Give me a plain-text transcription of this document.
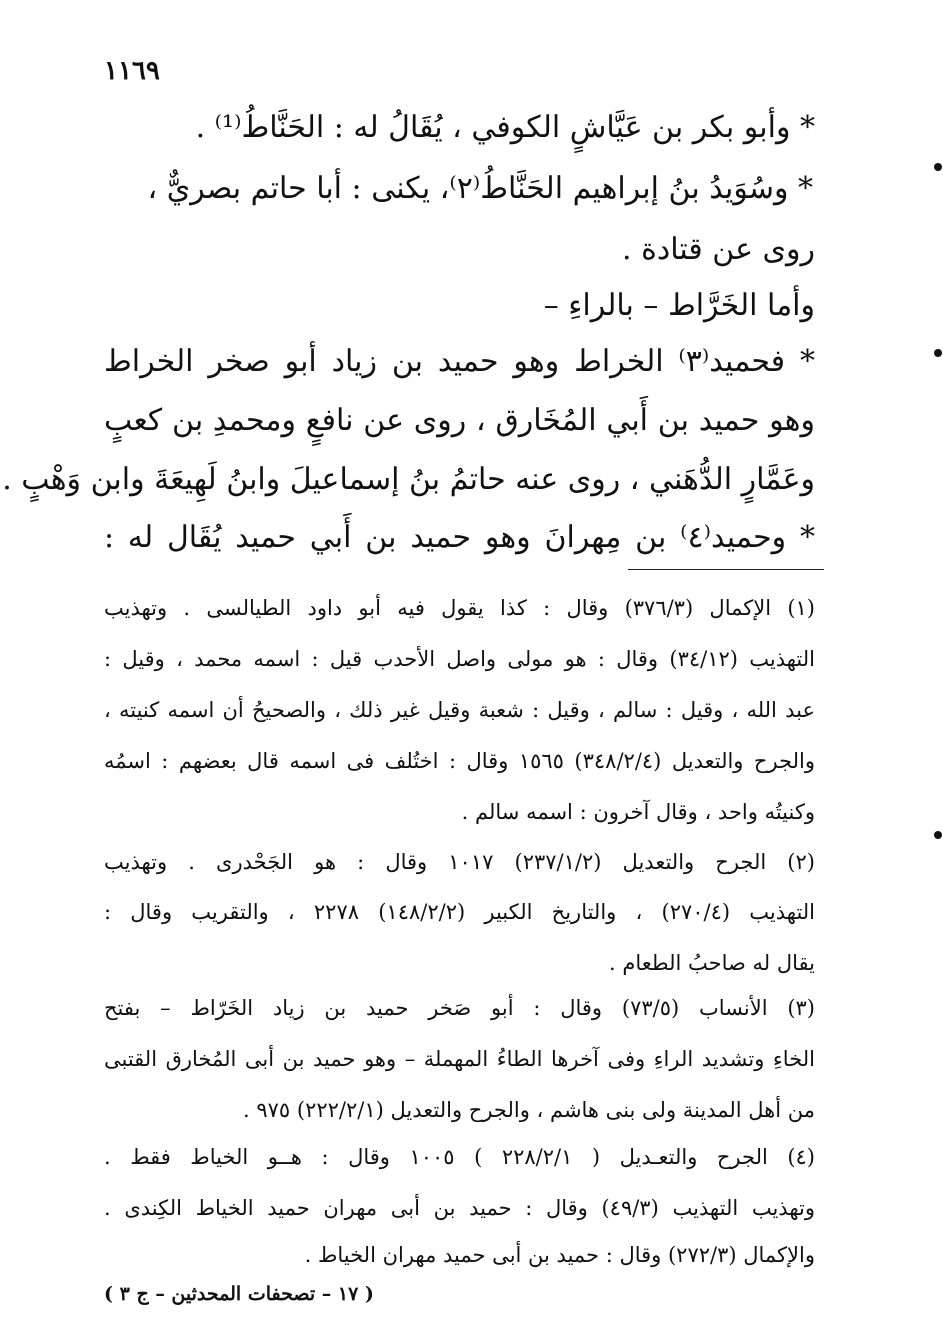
١١٦٩
* وأبو بكر بن عَيَّاشٍ الكوفي ، يُقَالُ له : الحَنَّاطُ⁽¹⁾ .
* وسُوَيدُ بنُ إبراهيم الحَنَّاطُ⁽٢⁾، يكنى : أبا حاتم بصريٌّ ،
روى عن قتادة .
وأما الخَرَّاط – بالراءِ –
* فحميد⁽٣⁾ الخراط وهو حميد بن زياد أبو صخر الخراط
وهو حميد بن أَبي المُخَارق ، روى عن نافعٍ ومحمدِ بن كعبٍ
وعَمَّارٍ الدُّهَني ، روى عنه حاتمُ بنُ إسماعيلَ وابنُ لَهِيعَةَ وابن وَهْبٍ .
* وحميد⁽٤⁾ بن مِهرانَ وهو حميد بن أَبي حميد يُقَال له :
(١) الإكمال (٣٧٦/٣) وقال : كذا يقول فيه أبو داود الطيالسى . وتهذيب
التهذيب (٣٤/١٢) وقال : هو مولى واصل الأحدب قيل : اسمه محمد ، وقيل :
عبد الله ، وقيل : سالم ، وقيل : شعبة وقيل غير ذلك ، والصحيحُ أن اسمه كنيته ،
والجرح والتعديل (٣٤٨/٢/٤) ١٥٦٥ وقال : اختُلف فى اسمه قال بعضهم : اسمُه
وكنيتُه واحد ، وقال آخرون : اسمه سالم .
(٢) الجرح والتعديل (٢٣٧/١/٢) ١٠١٧ وقال : هو الجَحْدرى . وتهذيب
التهذيب (٢٧٠/٤) ، والتاريخ الكبير (١٤٨/٢/٢) ٢٢٧٨ ، والتقريب وقال :
يقال له صاحبُ الطعام .
(٣) الأنساب (٧٣/٥) وقال : أبو صَخر حميد بن زياد الخَرّاط – بفتح
الخاءِ وتشديد الراءِ وفى آخرها الطاءُ المهملة – وهو حميد بن أبى المُخارق القتبى
من أهل المدينة ولى بنى هاشم ، والجرح والتعديل (٢٢٢/٢/١) ٩٧٥ .
(٤) الجرح والتعـديل ( ٢٢٨/٢/١ ) ١٠٠٥ وقال : هــو الخياط فقط .
وتهذيب التهذيب (٤٩/٣) وقال : حميد بن أبى مهران حميد الخياط الكِندى .
والإكمال (٢٧٢/٣) وقال : حميد بن أبى حميد مهران الخياط .
( ١٧ – تصحفات المحدثين – ج ٣ )
